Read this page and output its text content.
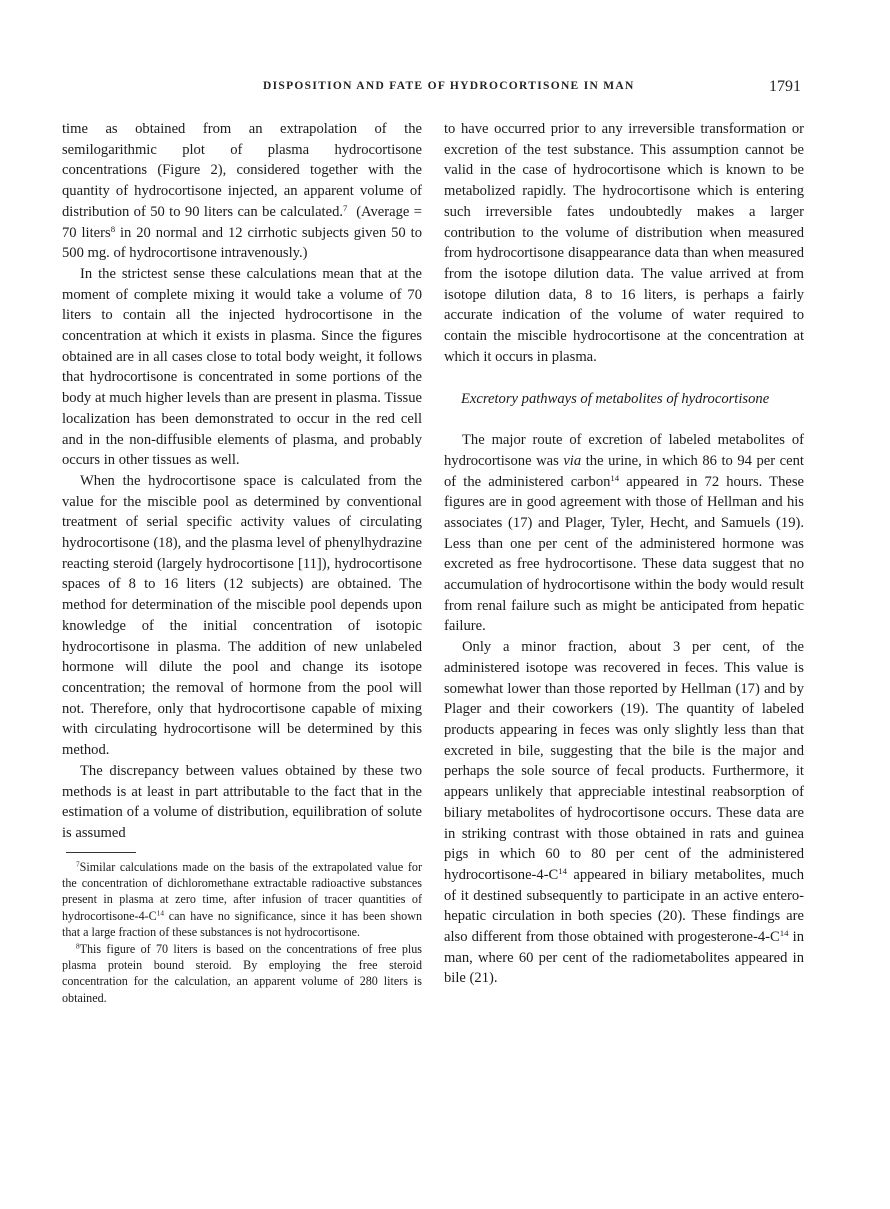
DISPOSITION AND FATE OF HYDROCORTISONE IN MAN	1791

time as obtained from an extrapolation of the semilogarithmic plot of plasma hydrocortisone concentrations (Figure 2), considered together with the quantity of hydrocortisone injected, an apparent volume of distribution of 50 to 90 liters can be calculated.$^7$ (Average = 70 liters$^8$ in 20 normal and 12 cirrhotic subjects given 50 to 500 mg. of hydrocortisone intravenously.)

In the strictest sense these calculations mean that at the moment of complete mixing it would take a volume of 70 liters to contain all the injected hydrocortisone in the concentration at which it exists in plasma. Since the figures obtained are in all cases close to total body weight, it follows that hydrocortisone is concentrated in some portions of the body at much higher levels than are present in plasma. Tissue localization has been demonstrated to occur in the red cell and in the non-diffusible elements of plasma, and probably occurs in other tissues as well.

When the hydrocortisone space is calculated from the value for the miscible pool as determined by conventional treatment of serial specific activity values of circulating hydrocortisone (18), and the plasma level of phenylhydrazine reacting steroid (largely hydrocortisone [11]), hydrocortisone spaces of 8 to 16 liters (12 subjects) are obtained. The method for determination of the miscible pool depends upon knowledge of the initial concentration of isotopic hydrocortisone in plasma. The addition of new unlabeled hormone will dilute the pool and change its isotope concentration; the removal of hormone from the pool will not. Therefore, only that hydrocortisone capable of mixing with circulating hydrocortisone will be determined by this method.

The discrepancy between values obtained by these two methods is at least in part attributable to the fact that in the estimation of a volume of distribution, equilibration of solute is assumed

$^7$Similar calculations made on the basis of the extrapolated value for the concentration of dichloromethane extractable radioactive substances present in plasma at zero time, after infusion of tracer quantities of hydrocortisone-$4-C^{14}$ can have no significance, since it has been shown that a large fraction of these substances is not hydrocortisone.

$^8$This figure of 70 liters is based on the concentrations of free plus plasma protein bound steroid. By employing the free steroid concentration for the calculation, an apparent volume of 280 liters is obtained.

to have occurred prior to any irreversible transformation or excretion of the test substance. This assumption cannot be valid in the case of hydrocortisone which is known to be metabolized rapidly. The hydrocortisone which is entering such irreversible fates undoubtedly makes a larger contribution to the volume of distribution when measured from hydrocortisone disappearance data than when measured from the isotope dilution data. The value arrived at from isotope dilution data, 8 to 16 liters, is perhaps a fairly accurate indication of the volume of water required to contain the miscible hydrocortisone at the concentration at which it occurs in plasma.

Excretory pathways of metabolites of hydrocortisone

The major route of excretion of labeled metabolites of hydrocortisone was via the urine, in which 86 to 94 per cent of the administered carbon$^{14}$ appeared in 72 hours. These figures are in good agreement with those of Hellman and his associates (17) and Plager, Tyler, Hecht, and Samuels (19). Less than one per cent of the administered hormone was excreted as free hydrocortisone. These data suggest that no accumulation of hydrocortisone within the body would result from renal failure such as might be anticipated from hepatic failure.

Only a minor fraction, about 3 per cent, of the administered isotope was recovered in feces. This value is somewhat lower than those reported by Hellman (17) and by Plager and their coworkers (19). The quantity of labeled products appearing in feces was only slightly less than that excreted in bile, suggesting that the bile is the major and perhaps the sole source of fecal products. Furthermore, it appears unlikely that appreciable intestinal reabsorption of biliary metabolites of hydrocortisone occurs. These data are in striking contrast with those obtained in rats and guinea pigs in which 60 to 80 per cent of the administered hydrocortisone-$4-C^{14}$ appeared in biliary metabolites, much of it destined subsequently to participate in an active entero-hepatic circulation in both species (20). These findings are also different from those obtained with progesterone-$4-C^{14}$ in man, where 60 per cent of the radiometabolites appeared in bile (21).
